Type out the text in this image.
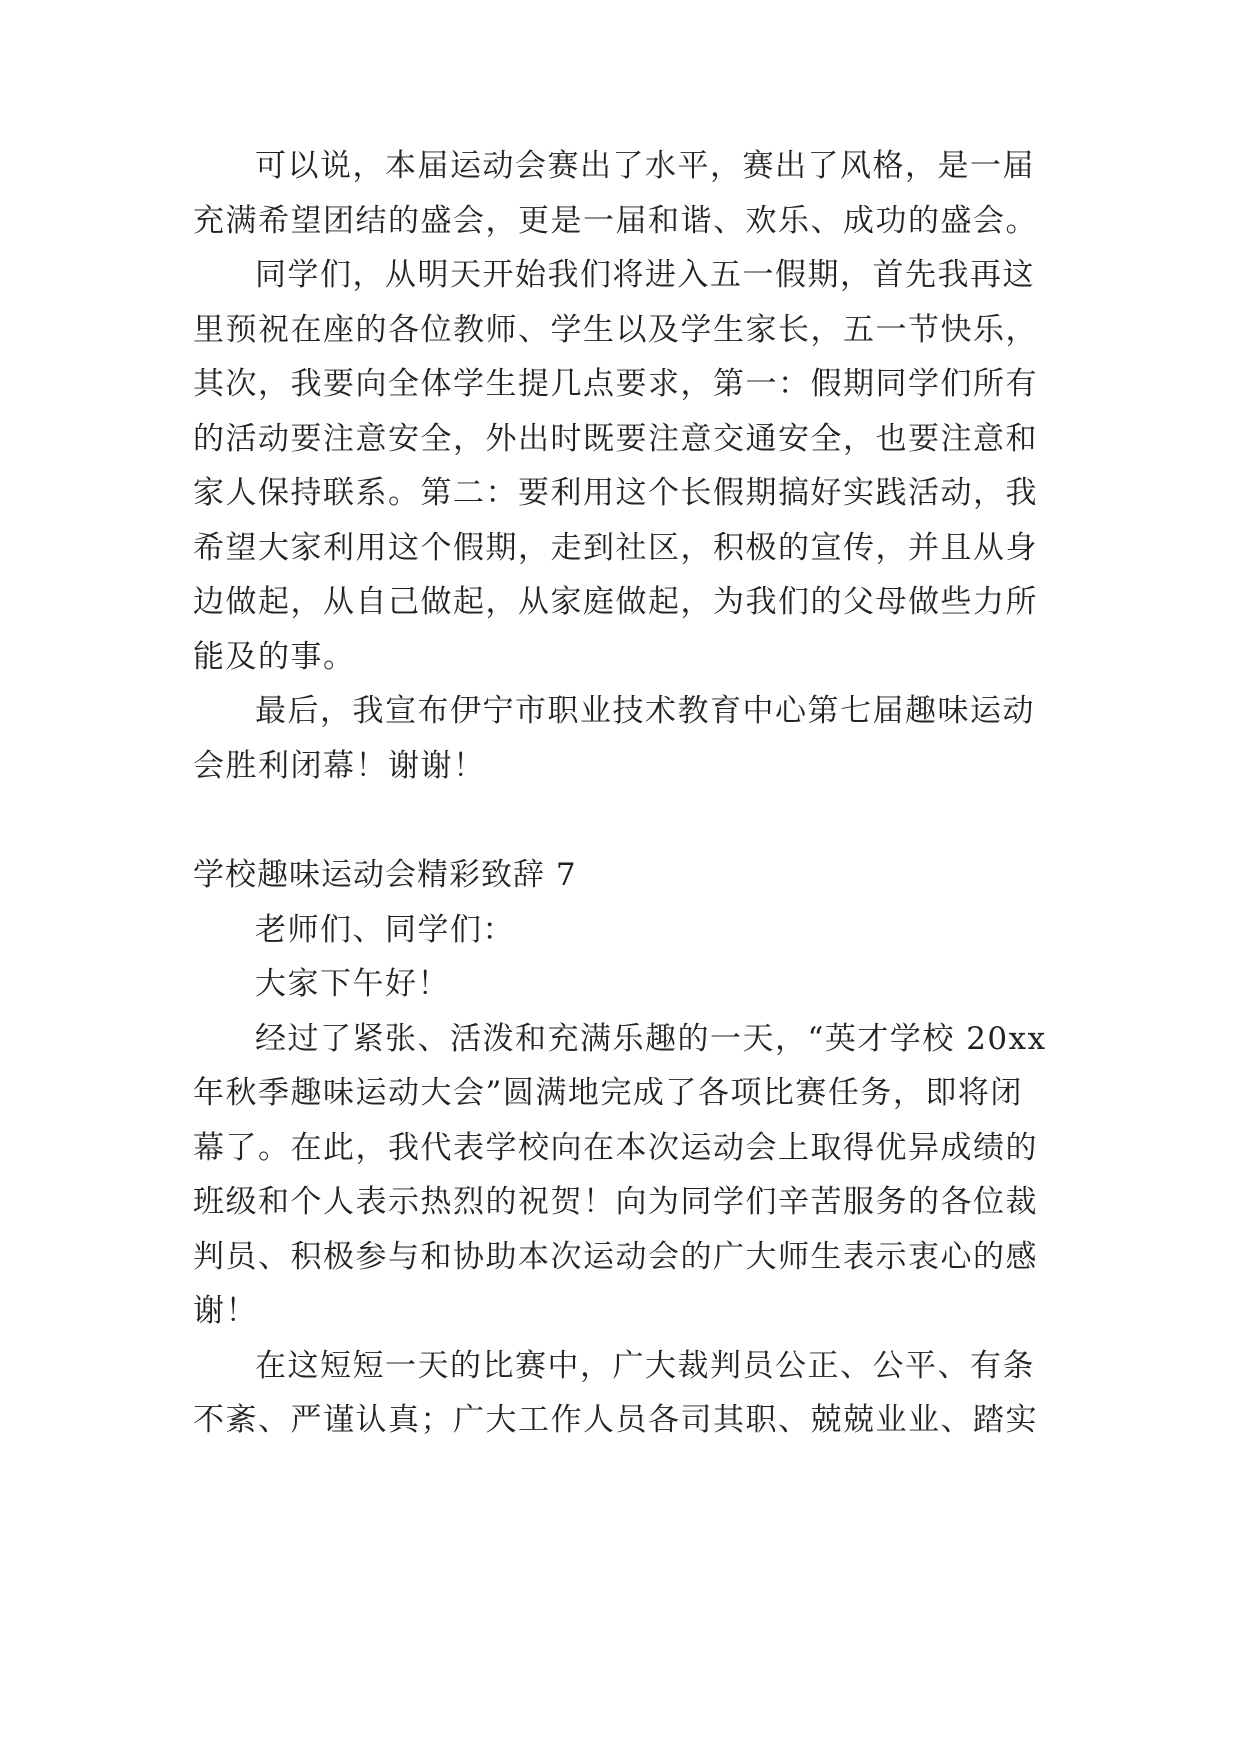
可以说，本届运动会赛出了水平，赛出了风格，是一届
充满希望团结的盛会，更是一届和谐、欢乐、成功的盛会。
同学们，从明天开始我们将进入五一假期，首先我再这
里预祝在座的各位教师、学生以及学生家长，五一节快乐，
其次，我要向全体学生提几点要求，第一：假期同学们所有
的活动要注意安全，外出时既要注意交通安全，也要注意和
家人保持联系。第二：要利用这个长假期搞好实践活动，我
希望大家利用这个假期，走到社区，积极的宣传，并且从身
边做起，从自己做起，从家庭做起，为我们的父母做些力所
能及的事。
最后，我宣布伊宁市职业技术教育中心第七届趣味运动
会胜利闭幕！谢谢！
学校趣味运动会精彩致辞 7
老师们、同学们：
大家下午好！
经过了紧张、活泼和充满乐趣的一天，“英才学校 20xx
年秋季趣味运动大会”圆满地完成了各项比赛任务，即将闭
幕了。在此，我代表学校向在本次运动会上取得优异成绩的
班级和个人表示热烈的祝贺！向为同学们辛苦服务的各位裁
判员、积极参与和协助本次运动会的广大师生表示衷心的感
谢！
在这短短一天的比赛中，广大裁判员公正、公平、有条
不紊、严谨认真；广大工作人员各司其职、兢兢业业、踏实
